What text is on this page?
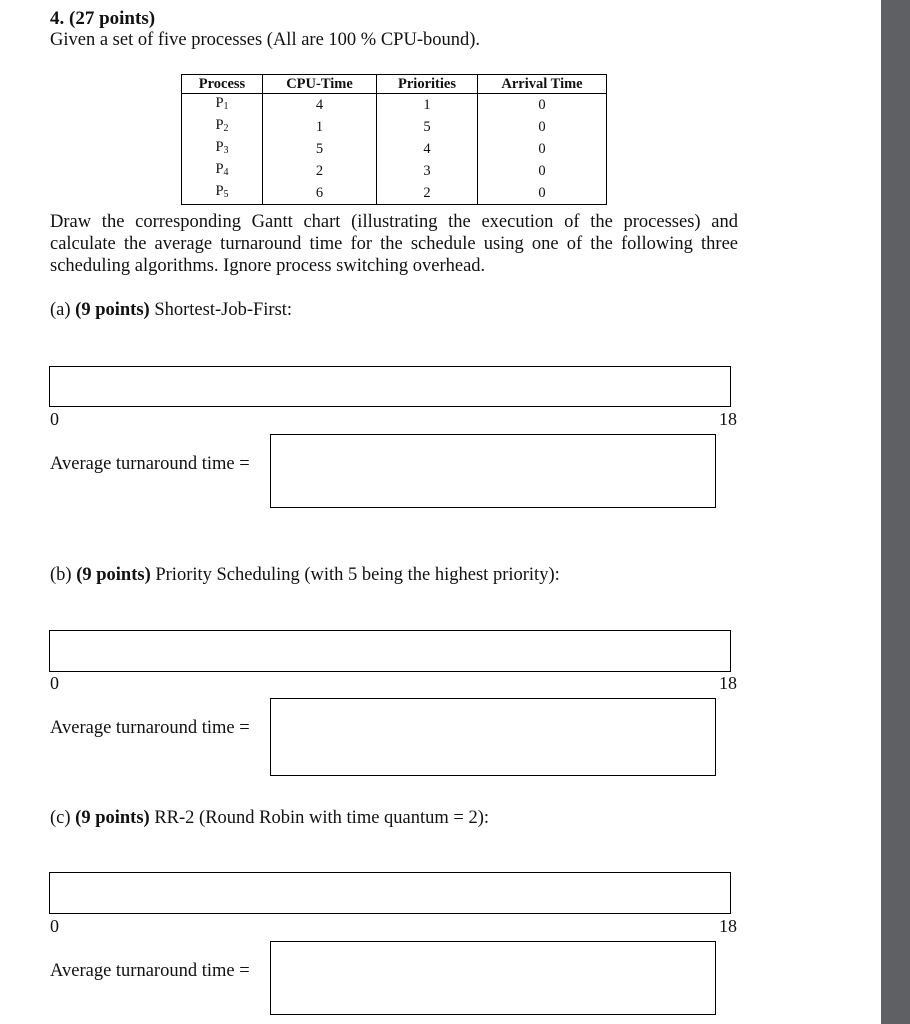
4. (27 points)
Given a set of five processes (All are 100 % CPU-bound).
Process	CPU-Time	Priorities	Arrival Time
$P_1$	4	1	0
$P_2$	1	5	0
$P_3$	5	4	0
$P_4$	2	3	0
$P_5$	6	2	0
Draw the corresponding Gantt chart (illustrating the execution of the processes) and
calculate the average turnaround time for the schedule using one of the following three
scheduling algorithms. Ignore process switching overhead.
(a) (9 points) Shortest-Job-First:
0	18
Average turnaround time =
(b) (9 points) Priority Scheduling (with 5 being the highest priority):
0	18
Average turnaround time =
(c) (9 points) RR-2 (Round Robin with time quantum = 2):
0	18
Average turnaround time =
